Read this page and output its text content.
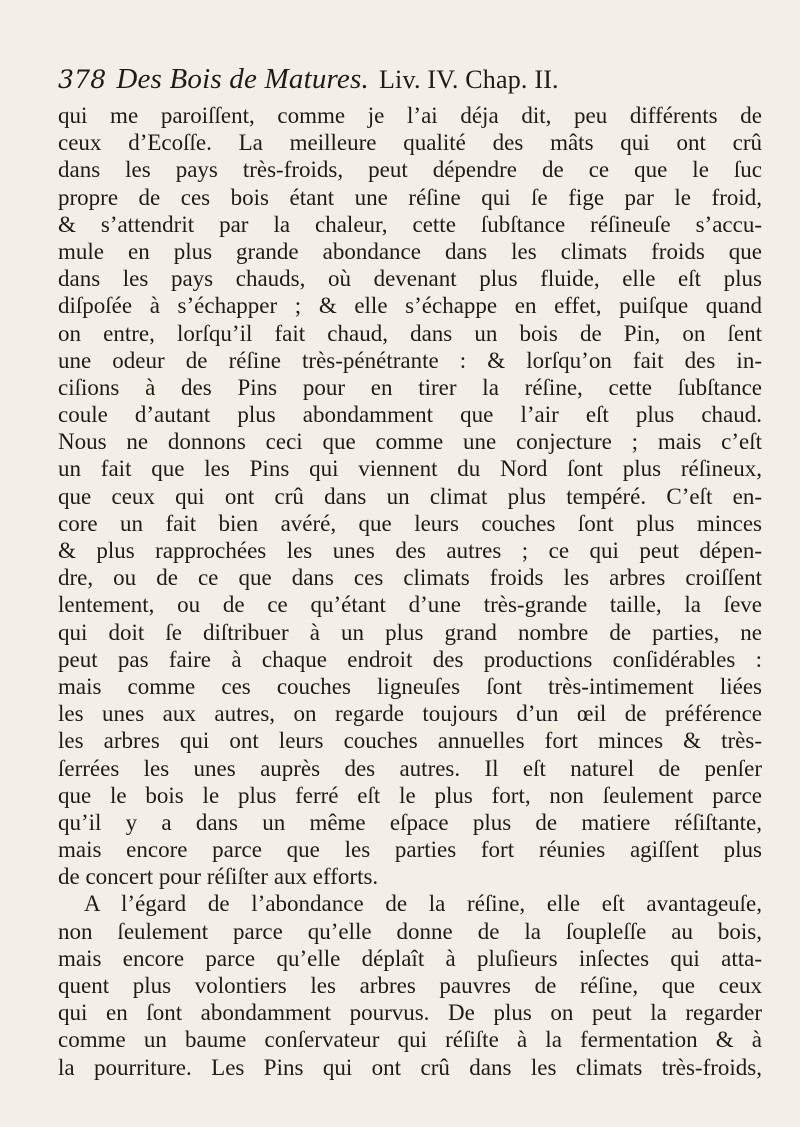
378 Des Bois de Matures. Liv. IV. Chap. II.
qui me paroiſſent, comme je l’ai déja dit, peu différents de
ceux d’Ecoſſe. La meilleure qualité des mâts qui ont crû
dans les pays très-froids, peut dépendre de ce que le ſuc
propre de ces bois étant une réſine qui ſe fige par le froid,
& s’attendrit par la chaleur, cette ſubſtance réſineuſe s’accu-
mule en plus grande abondance dans les climats froids que
dans les pays chauds, où devenant plus fluide, elle eſt plus
diſpoſée à s’échapper ; & elle s’échappe en effet, puiſque quand
on entre, lorſqu’il fait chaud, dans un bois de Pin, on ſent
une odeur de réſine très-pénétrante : & lorſqu’on fait des in-
ciſions à des Pins pour en tirer la réſine, cette ſubſtance
coule d’autant plus abondamment que l’air eſt plus chaud.
Nous ne donnons ceci que comme une conjecture ; mais c’eſt
un fait que les Pins qui viennent du Nord ſont plus réſineux,
que ceux qui ont crû dans un climat plus tempéré. C’eſt en-
core un fait bien avéré, que leurs couches ſont plus minces
& plus rapprochées les unes des autres ; ce qui peut dépen-
dre, ou de ce que dans ces climats froids les arbres croiſſent
lentement, ou de ce qu’étant d’une très-grande taille, la ſeve
qui doit ſe diſtribuer à un plus grand nombre de parties, ne
peut pas faire à chaque endroit des productions conſidérables :
mais comme ces couches ligneuſes ſont très-intimement liées
les unes aux autres, on regarde toujours d’un œil de préférence
les arbres qui ont leurs couches annuelles fort minces & très-
ſerrées les unes auprès des autres. Il eſt naturel de penſer
que le bois le plus ferré eſt le plus fort, non ſeulement parce
qu’il y a dans un même eſpace plus de matiere réſiſtante,
mais encore parce que les parties fort réunies agiſſent plus
de concert pour réſiſter aux efforts.
A l’égard de l’abondance de la réſine, elle eſt avantageuſe,
non ſeulement parce qu’elle donne de la ſoupleſſe au bois,
mais encore parce qu’elle déplaît à pluſieurs inſectes qui atta-
quent plus volontiers les arbres pauvres de réſine, que ceux
qui en ſont abondamment pourvus. De plus on peut la regarder
comme un baume conſervateur qui réſiſte à la fermentation & à
la pourriture. Les Pins qui ont crû dans les climats très-froids,
